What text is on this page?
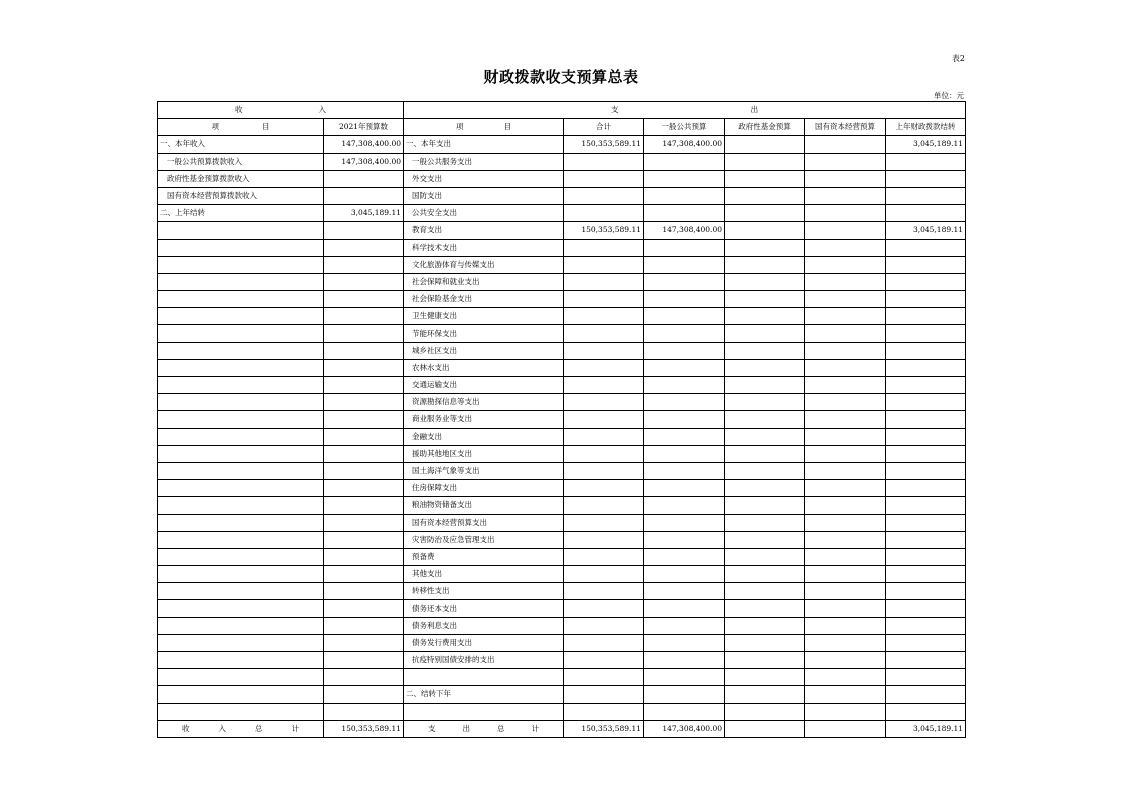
表2
财政拨款收支预算总表
单位：元
收 入		支 出					

项 目	2021年预算数	项 目	合计	一般公共预算	政府性基金预算	国有资本经营预算	上年财政拨款结转
一、本年收入	147,308,400.00	一、本年支出	150,353,589.11	147,308,400.00			3,045,189.11
一般公共预算拨款收入	147,308,400.00	一般公共服务支出					
政府性基金预算拨款收入		外交支出					
国有资本经营预算拨款收入		国防支出					
二、上年结转	3,045,189.11	公共安全支出					
		教育支出	150,353,589.11	147,308,400.00			3,045,189.11
		科学技术支出					
		文化旅游体育与传媒支出					
		社会保障和就业支出					
		社会保险基金支出					
		卫生健康支出					
		节能环保支出					
		城乡社区支出					
		农林水支出					
		交通运输支出					
		资源勘探信息等支出					
		商业服务业等支出					
		金融支出					
		援助其他地区支出					
		国土海洋气象等支出					
		住房保障支出					
		粮油物资储备支出					
		国有资本经营预算支出					
		灾害防治及应急管理支出					
		预备费					
		其他支出					
		转移性支出					
		债务还本支出					
		债务利息支出					
		债务发行费用支出					
		抗疫特别国债安排的支出					

		二、结转下年					

收 入 总 计	150,353,589.11	支 出 总 计	150,353,589.11	147,308,400.00			3,045,189.11
